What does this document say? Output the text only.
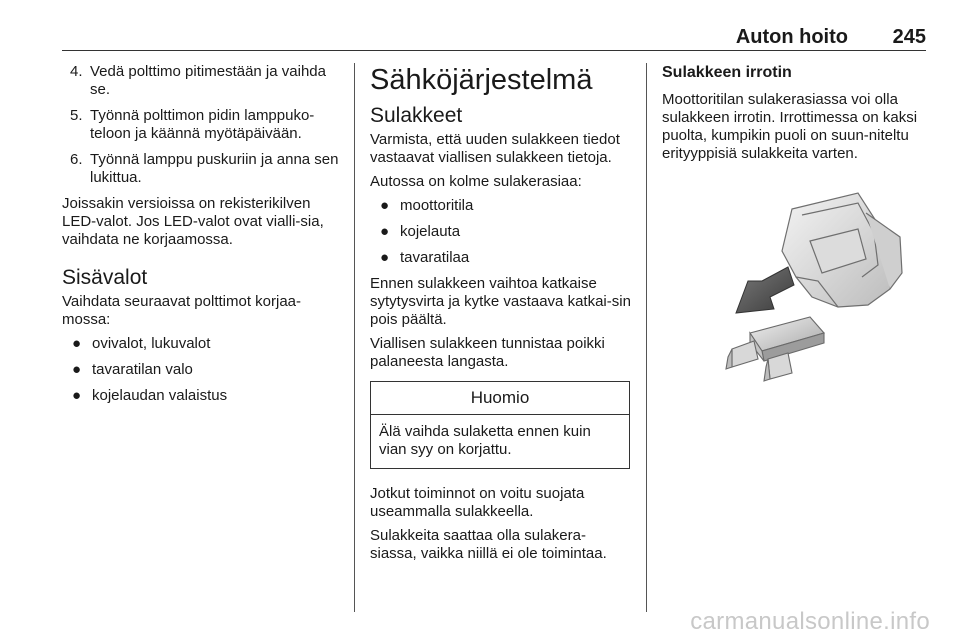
Auton hoito 245
4. Vedä polttimo pitimestään ja vaihda se.
5. Työnnä polttimon pidin lamppuko-teloon ja käännä myötäpäivään.
6. Työnnä lamppu puskuriin ja anna sen lukittua.

Joissakin versioissa on rekisterikilven LED-valot. Jos LED-valot ovat vialli-sia, vaihdata ne korjaamossa.

Sisävalot

Vaihdata seuraavat polttimot korjaa-mossa:

● ovivalot, lukuvalot
● tavaratilan valo
● kojelaudan valaistus
Sähköjärjestelmä
Sulakkeet

Varmista, että uuden sulakkeen tiedot vastaavat viallisen sulakkeen tietoja.

Autossa on kolme sulakerasiaa:

● moottoritila
● kojelauta
● tavaratilaa

Ennen sulakkeen vaihtoa katkaise sytytysvirta ja kytke vastaava katkai-sin pois päältä.

Viallisen sulakkeen tunnistaa poikki palaneesta langasta.

Huomio
Älä vaihda sulaketta ennen kuin vian syy on korjattu.

Jotkut toiminnot on voitu suojata useammalla sulakkeella.

Sulakkeita saattaa olla sulakera-siassa, vaikka niillä ei ole toimintaa.

Sulakkeen irrotin

Moottoritilan sulakerasiassa voi olla sulakkeen irrotin. Irrottimessa on kaksi puolta, kumpikin puoli on suun-niteltu erityyppisiä sulakkeita varten.

carmanualsonline.info
